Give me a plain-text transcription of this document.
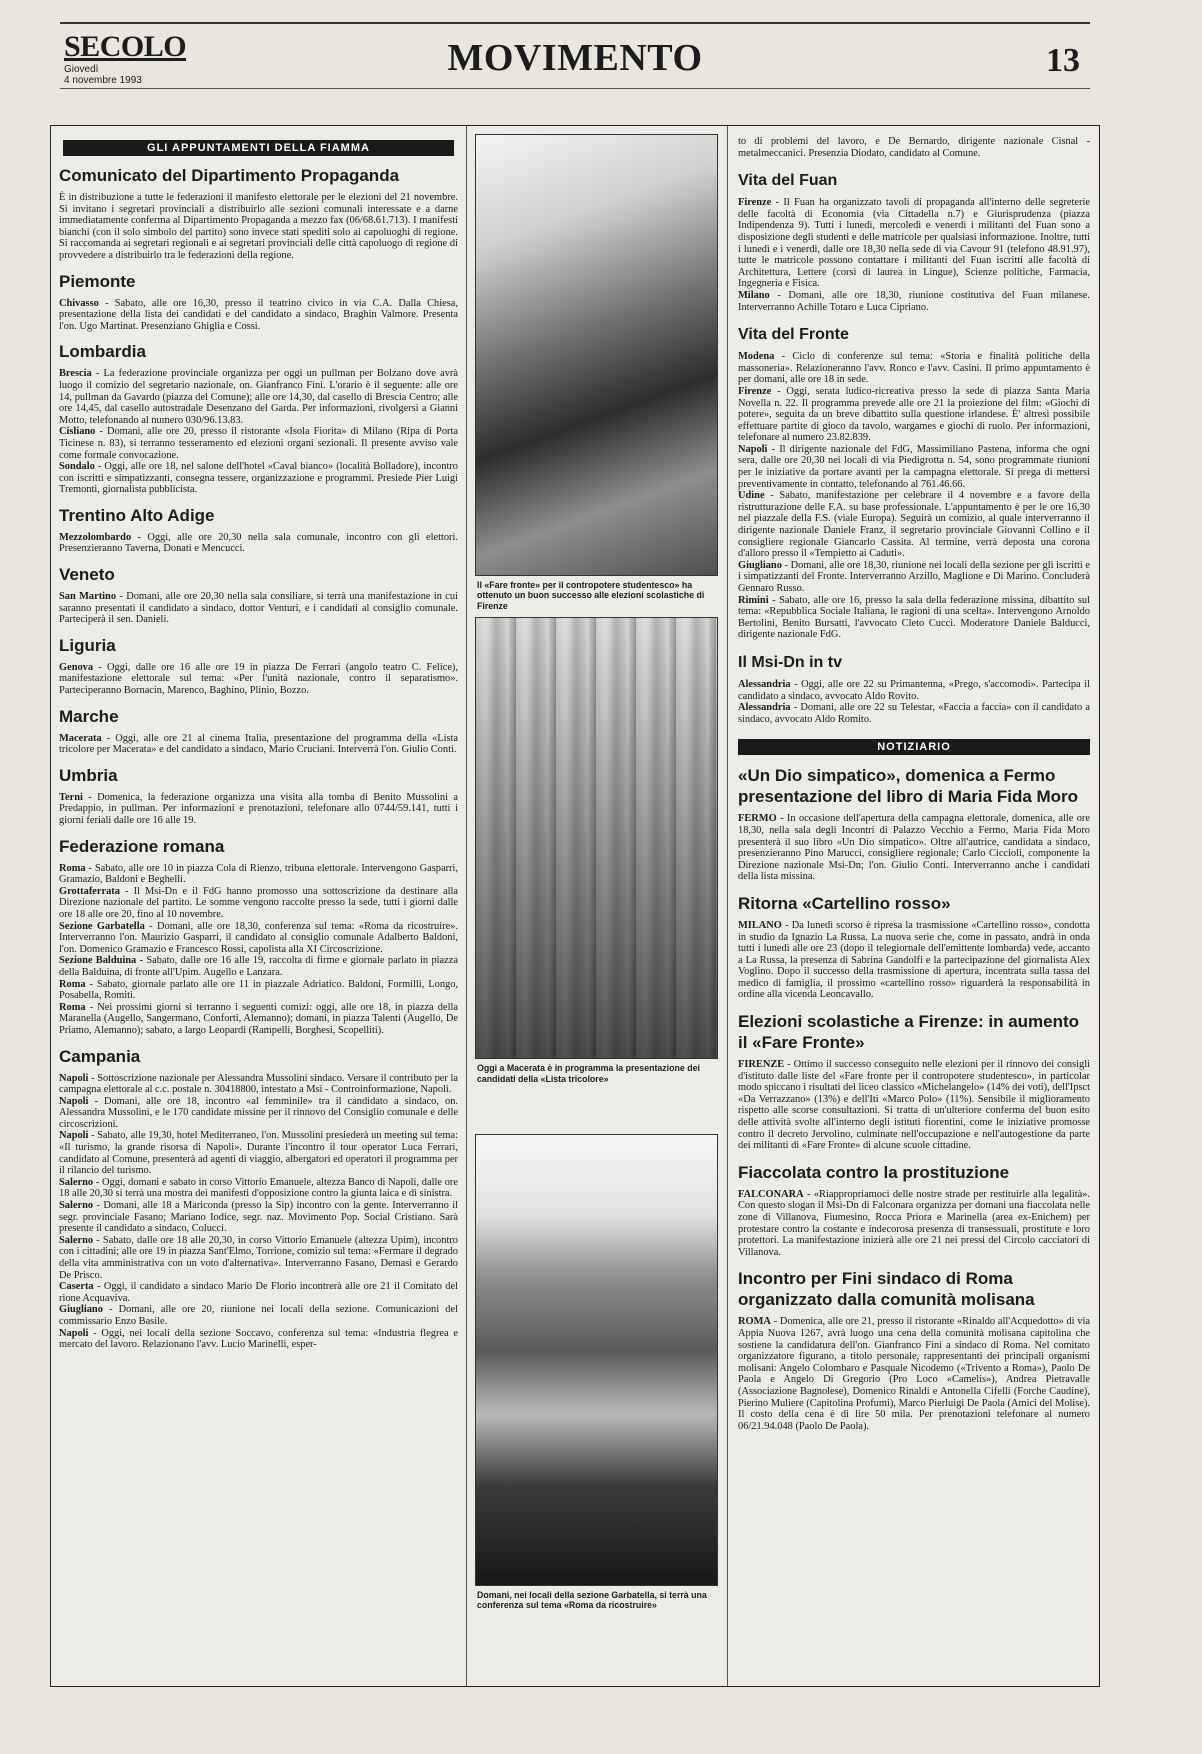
SECOLO
Giovedì
4 novembre 1993
MOVIMENTO	13
GLI APPUNTAMENTI DELLA FIAMMA
Comunicato del Dipartimento Propaganda
È in distribuzione a tutte le federazioni il manifesto elettorale per le elezioni del 21 novembre. Si invitano i segretari provinciali a distribuirlo alle sezioni comunali interessate e a darne immediatamente conferma al Dipartimento Propaganda a mezzo fax (06/68.61.713). I manifesti bianchi (con il solo simbolo del partito) sono invece stati spediti solo ai capoluoghi di regione. Si raccomanda ai segretari regionali e ai segretari provinciali delle città capoluogo di regione di provvedere a distribuirlo tra le federazioni della regione.
Piemonte
Chivasso - Sabato, alle ore 16,30, presso il teatrino civico in via C.A. Dalla Chiesa, presentazione della lista dei candidati e del candidato a sindaco, Braghin Valmore. Presenta l'on. Ugo Martinat. Presenziano Ghiglia e Cossi.
Lombardia
Brescia - La federazione provinciale organizza per oggi un pullman per Bolzano dove avrà luogo il comizio del segretario nazionale, on. Gianfranco Fini. L'orario è il seguente: alle ore 14, pullman da Gavardo (piazza del Comune); alle ore 14,30, dal casello di Brescia Centro; alle ore 14,45, dal casello autostradale Desenzano del Garda. Per informazioni, rivolgersi a Gianni Motto, telefonando al numero 030/96.13.83.
Cisliano - Domani, alle ore 20, presso il ristorante «Isola Fiorita» di Milano (Ripa di Porta Ticinese n. 83), si terranno tesseramento ed elezioni organi sezionali. Il presente avviso vale come formale convocazione.
Sondalo - Oggi, alle ore 18, nel salone dell'hotel «Caval bianco» (località Bolladore), incontro con iscritti e simpatizzanti, consegna tessere, organizzazione e programmi. Presiede Pier Luigi Tremonti, giornalista pubblicista.
Trentino Alto Adige
Mezzolombardo - Oggi, alle ore 20,30 nella sala comunale, incontro con gli elettori. Presenzieranno Taverna, Donati e Mencucci.
Veneto
San Martino - Domani, alle ore 20,30 nella sala consiliare, si terrà una manifestazione in cui saranno presentati il candidato a sindaco, dottor Venturi, e i candidati al consiglio comunale. Parteciperà il sen. Danieli.
Liguria
Genova - Oggi, dalle ore 16 alle ore 19 in piazza De Ferrari (angolo teatro C. Felice), manifestazione elettorale sul tema: «Per l'unità nazionale, contro il separatismo». Parteciperanno Bornacin, Marenco, Baghino, Plinio, Bozzo.
Marche
Macerata - Oggi, alle ore 21 al cinema Italia, presentazione del programma della «Lista tricolore per Macerata» e del candidato a sindaco, Mario Cruciani. Interverrà l'on. Giulio Conti.
Umbria
Terni - Domenica, la federazione organizza una visita alla tomba di Benito Mussolini a Predappio, in pullman. Per informazioni e prenotazioni, telefonare allo 0744/59.141, tutti i giorni feriali dalle ore 16 alle 19.
Federazione romana
Roma - Sabato, alle ore 10 in piazza Cola di Rienzo, tribuna elettorale. Intervengono Gasparri, Gramazio, Baldoni e Beghelli.
Grottaferrata - Il Msi-Dn e il FdG hanno promosso una sottoscrizione da destinare alla Direzione nazionale del partito. Le somme vengono raccolte presso la sede, tutti i giorni dalle ore 18 alle ore 20, fino al 10 novembre.
Sezione Garbatella - Domani, alle ore 18,30, conferenza sul tema: «Roma da ricostruire». Interverranno l'on. Maurizio Gasparri, il candidato al consiglio comunale Adalberto Baldoni, l'on. Domenico Gramazio e Francesco Rossi, capolista alla XI Circoscrizione.
Sezione Balduina - Sabato, dalle ore 16 alle 19, raccolta di firme e giornale parlato in piazza della Balduina, di fronte all'Upim. Augello e Lanzara.
Roma - Sabato, giornale parlato alle ore 11 in piazzale Adriatico. Baldoni, Formilli, Longo, Posabella, Romiti.
Roma - Nei prossimi giorni si terranno i seguenti comizi: oggi, alle ore 18, in piazza della Maranella (Augello, Sangermano, Conforti, Alemanno); domani, in piazza Talenti (Augello, De Priamo, Alemanno); sabato, a largo Leopardi (Rampelli, Borghesi, Scopelliti).
Campania
Napoli - Sottoscrizione nazionale per Alessandra Mussolini sindaco. Versare il contributo per la campagna elettorale al c.c. postale n. 30418800, intestato a Msi - Controinformazione, Napoli.
Napoli - Domani, alle ore 18, incontro «al femminile» tra il candidato a sindaco, on. Alessandra Mussolini, e le 170 candidate missine per il rinnovo del Consiglio comunale e delle circoscrizioni.
Napoli - Sabato, alle 19,30, hotel Mediterraneo, l'on. Mussolini presiederà un meeting sul tema: «Il turismo, la grande risorsa di Napoli». Durante l'incontro il tour operator Luca Ferrari, candidato al Comune, presenterà ad agenti di viaggio, albergatori ed operatori il programma per il rilancio del turismo.
Salerno - Oggi, domani e sabato in corso Vittorio Emanuele, altezza Banco di Napoli, dalle ore 18 alle 20,30 si terrà una mostra dei manifesti d'opposizione contro la giunta laica e di sinistra.
Salerno - Domani, alle 18 a Mariconda (presso la Sip) incontro con la gente. Interverranno il segr. provinciale Fasano; Mariano Iodice, segr. naz. Movimento Pop. Social Cristiano. Sarà presente il candidato a sindaco, Colucci.
Salerno - Sabato, dalle ore 18 alle 20,30, in corso Vittorio Emanuele (altezza Upim), incontro con i cittadini; alle ore 19 in piazza Sant'Elmo, Torrione, comizio sul tema: «Fermare il degrado della vita amministrativa con un voto d'alternativa». Interverranno Fasano, Demasi e Gerardo De Prisco.
Caserta - Oggi, il candidato a sindaco Mario De Florio incontrerà alle ore 21 il Comitato del rione Acquaviva.
Giugliano - Domani, alle ore 20, riunione nei locali della sezione. Comunicazioni del commissario Enzo Basile.
Napoli - Oggi, nei locali della sezione Soccavo, conferenza sul tema: «Industria flegrea e mercato del lavoro. Relazionano l'avv. Lucio Marinelli, esper-
Il «Fare fronte» per il contropotere studentesco» ha ottenuto un buon successo alle elezioni scolastiche di Firenze
Oggi a Macerata è in programma la presentazione dei candidati della «Lista tricolore»
Domani, nei locali della sezione Garbatella, si terrà una conferenza sul tema «Roma da ricostruire»
to di problemi del lavoro, e De Bernardo, dirigente nazionale Cisnal - metalmeccanici. Presenzia Diodato, candidato al Comune.
Vita del Fuan
Firenze - Il Fuan ha organizzato tavoli di propaganda all'interno delle segreterie delle facoltà di Economia (via Cittadella n.7) e Giurisprudenza (piazza Indipendenza 9). Tutti i lunedì, mercoledì e venerdì i militanti del Fuan sono a disposizione degli studenti e delle matricole per qualsiasi informazione. Inoltre, tutti i lunedì e i venerdì, dalle ore 18,30 nella sede di via Cavour 91 (telefono 48.91.97), tutte le matricole possono contattare i militanti del Fuan iscritti alle facoltà di Architettura, Lettere (corsi di laurea in Lingue), Scienze politiche, Farmacia, Ingegneria e Fisica.
Milano - Domani, alle ore 18,30, riunione costitutiva del Fuan milanese. Interverranno Achille Totaro e Luca Cipriano.
Vita del Fronte
Modena - Ciclo di conferenze sul tema: «Storia e finalità politiche della massoneria». Relazioneranno l'avv. Ronco e l'avv. Casini. Il primo appuntamento è per domani, alle ore 18 in sede.
Firenze - Oggi, serata ludico-ricreativa presso la sede di piazza Santa Maria Novella n. 22. Il programma prevede alle ore 21 la proiezione del film: «Giochi di potere», seguita da un breve dibattito sulla questione irlandese. È' altresì possibile effettuare partite di gioco da tavolo, wargames e giochi di ruolo. Per informazioni, telefonare al numero 23.82.839.
Napoli - Il dirigente nazionale del FdG, Massimiliano Pastena, informa che ogni sera, dalle ore 20,30 nei locali di via Piedigrotta n. 54, sono programmate riunioni per le iniziative da portare avanti per la campagna elettorale. Si prega di mettersi preventivamente in contatto, telefonando al 761.46.66.
Udine - Sabato, manifestazione per celebrare il 4 novembre e a favore della ristrutturazione delle F.A. su base professionale. L'appuntamento è per le ore 16,30 nel piazzale della F.S. (viale Europa). Seguirà un comizio, al quale interverranno il dirigente nazionale Daniele Franz, il segretario provinciale Giovanni Collino e il consigliere regionale Giancarlo Cassita. Al termine, verrà deposta una corona d'alloro presso il «Tempietto ai Caduti».
Giugliano - Domani, alle ore 18,30, riunione nei locali della sezione per gli iscritti e i simpatizzanti del Fronte. Interverranno Arzillo, Maglione e Di Marino. Concluderà Gennaro Russo.
Rimini - Sabato, alle ore 16, presso la sala della federazione missina, dibattito sul tema: «Repubblica Sociale Italiana, le ragioni di una scelta». Intervengono Arnoldo Bertolini, Benito Bursatti, l'avvocato Cleto Cucci. Moderatore Daniele Balducci, dirigente nazionale FdG.
Il Msi-Dn in tv
Alessandria - Oggi, alle ore 22 su Primantenna, «Prego, s'accomodi». Partecipa il candidato a sindaco, avvocato Aldo Rovito.
Alessandria - Domani, alle ore 22 su Telestar, «Faccia a faccia» con il candidato a sindaco, avvocato Aldo Romito.
NOTIZIARIO
«Un Dio simpatico», domenica a Fermo presentazione del libro di Maria Fida Moro
FERMO - In occasione dell'apertura della campagna elettorale, domenica, alle ore 18,30, nella sala degli Incontri di Palazzo Vecchio a Fermo, Maria Fida Moro presenterà il suo libro «Un Dio simpatico». Oltre all'autrice, candidata a sindaco, presenzieranno Pino Marucci, consigliere regionale; Carlo Ciccioli, componente la Direzione nazionale Msi-Dn; l'on. Giulio Conti. Interverranno anche i candidati della lista missina.
Ritorna «Cartellino rosso»
MILANO - Da lunedì scorso è ripresa la trasmissione «Cartellino rosso», condotta in studio da Ignazio La Russa. La nuova serie che, come in passato, andrà in onda tutti i lunedì alle ore 23 (dopo il telegiornale dell'emittente lombarda) vede, accanto a La Russa, la presenza di Sabrina Gandolfi e la partecipazione del giornalista Alex Voglino. Dopo il successo della trasmissione di apertura, incentrata sulla tassa del medico di famiglia, il prossimo «cartellino rosso» riguarderà la responsabilità in ordine alla vicenda Leoncavallo.
Elezioni scolastiche a Firenze: in aumento il «Fare Fronte»
FIRENZE - Ottimo il successo conseguito nelle elezioni per il rinnovo dei consigli d'istituto dalle liste del «Fare fronte per il contropotere studentesco», in particolar modo spiccano i risultati del liceo classico «Michelangelo» (14% dei voti), dell'Ipsct «Da Verrazzano» (13%) e dell'Iti «Marco Polo» (11%). Sensibile il miglioramento rispetto alle scorse consultazioni. Si tratta di un'ulteriore conferma del buon esito delle attività svolte all'interno degli istituti fiorentini, come le iniziative promosse contro il decreto Jervolino, culminate nell'occupazione e nell'autogestione da parte dei militanti di «Fare Fronte» di alcune scuole cittadine.
Fiaccolata contro la prostituzione
FALCONARA - «Riappropriamoci delle nostre strade per restituirle alla legalità». Con questo slogan il Msi-Dn di Falconara organizza per domani una fiaccolata nelle zone di Villanova, Fiumesino, Rocca Priora e Marinella (area ex-Enichem) per protestare contro la costante e indecorosa presenza di transessuali, prostitute e loro protettori. La manifestazione inizierà alle ore 21 nei pressi del Circolo cacciatori di Villanova.
Incontro per Fini sindaco di Roma organizzato dalla comunità molisana
ROMA - Domenica, alle ore 21, presso il ristorante «Rinaldo all'Acquedotto» di via Appia Nuova 1267, avrà luogo una cena della comunità molisana capitolina che sostiene la candidatura dell'on. Gianfranco Fini a sindaco di Roma. Nel comitato organizzatore figurano, a titolo personale, rappresentanti dei principali organismi molisani: Angelo Colombaro e Pasquale Nicodemo («Trivento a Roma»), Paolo De Paola e Angelo Di Gregorio (Pro Loco «Camelis»), Andrea Pietravalle (Associazione Bagnolese), Domenico Rinaldi e Antonella Cifelli (Forche Caudine), Pierino Muliere (Capitolina Profumi), Marco Pierluigi De Paola (Amici del Molise). Il costo della cena è di lire 50 mila. Per prenotazioni telefonare al numero 06/21.94.048 (Paolo De Paola).
